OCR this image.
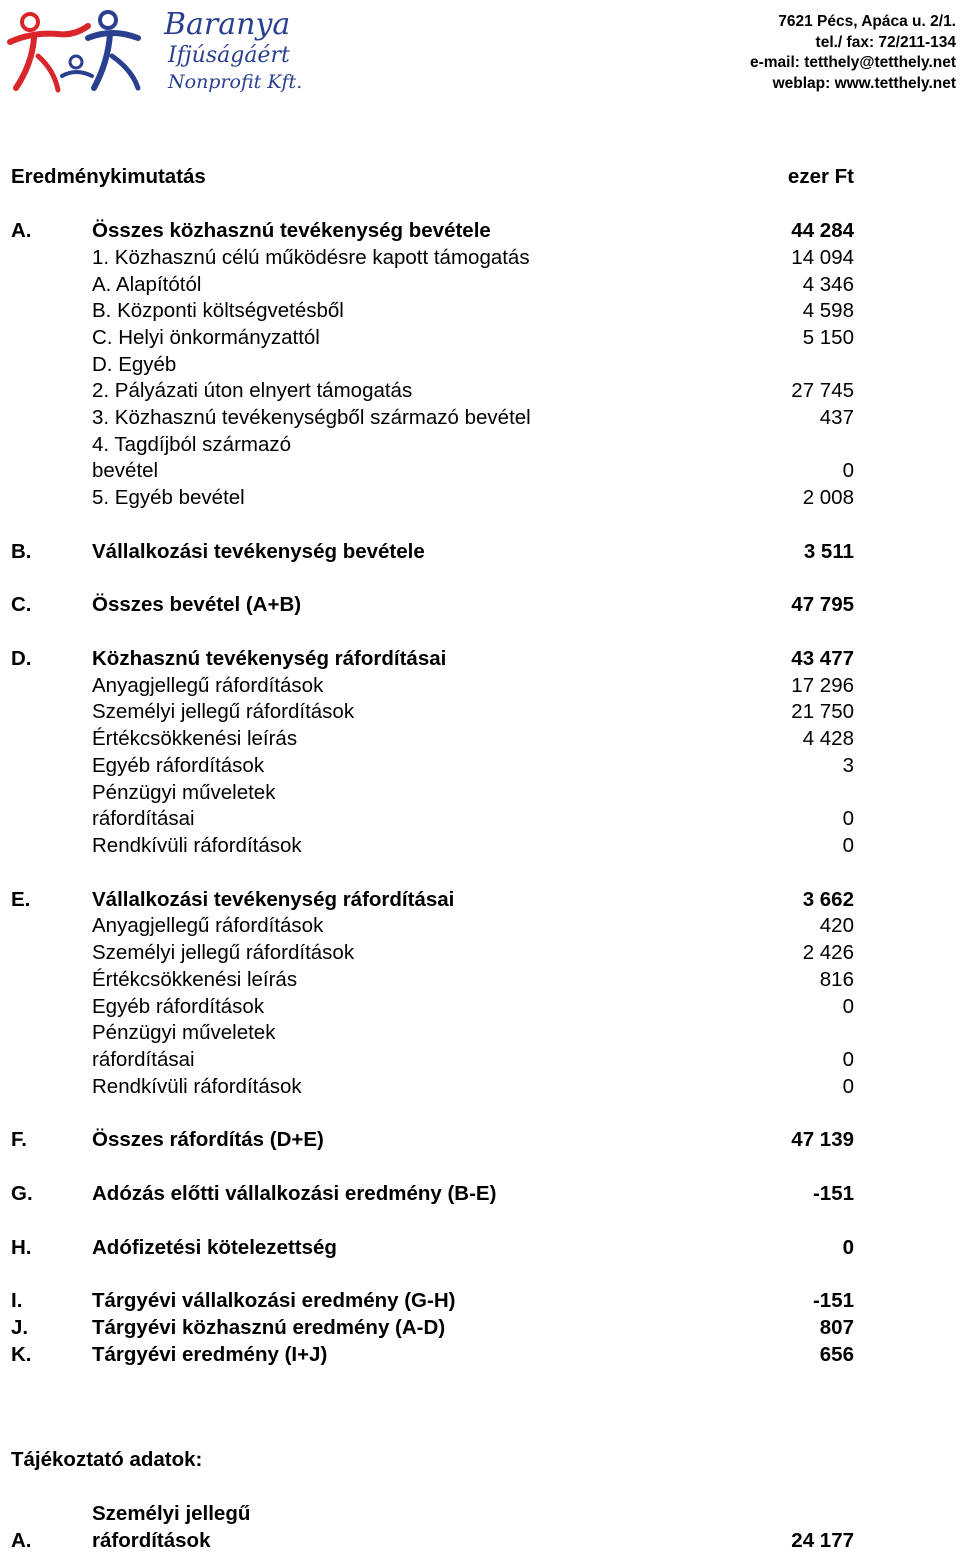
Baranya
Ifjúságáért
Nonprofit Kft.
7621 Pécs, Apáca u. 2/1.
tel./ fax: 72/211-134
e-mail: tetthely@tetthely.net
weblap: www.tetthely.net
Eredménykimutatás	ezer Ft
A.	Összes közhasznú tevékenység bevétele	44 284
1. Közhasznú célú működésre kapott támogatás	14 094
A. Alapítótól	4 346
B. Központi költségvetésből	4 598
C. Helyi önkormányzattól	5 150
D. Egyéb
2. Pályázati úton elnyert támogatás	27 745
3. Közhasznú tevékenységből származó bevétel	437
4. Tagdíjból származó
bevétel	0
5. Egyéb bevétel	2 008
B.	Vállalkozási tevékenység bevétele	3 511
C.	Összes bevétel (A+B)	47 795
D.	Közhasznú tevékenység ráfordításai	43 477
Anyagjellegű ráfordítások	17 296
Személyi jellegű ráfordítások	21 750
Értékcsökkenési leírás	4 428
Egyéb ráfordítások	3
Pénzügyi műveletek
ráfordításai	0
Rendkívüli ráfordítások	0
E.	Vállalkozási tevékenység ráfordításai	3 662
Anyagjellegű ráfordítások	420
Személyi jellegű ráfordítások	2 426
Értékcsökkenési leírás	816
Egyéb ráfordítások	0
Pénzügyi műveletek
ráfordításai	0
Rendkívüli ráfordítások	0
F.	Összes ráfordítás (D+E)	47 139
G.	Adózás előtti vállalkozási eredmény (B-E)	-151
H.	Adófizetési kötelezettség	0
I.	Tárgyévi vállalkozási eredmény (G-H)	-151
J.	Tárgyévi közhasznú eredmény (A-D)	807
K.	Tárgyévi eredmény (I+J)	656
Tájékoztató adatok:
Személyi jellegű
A.	ráfordítások	24 177
